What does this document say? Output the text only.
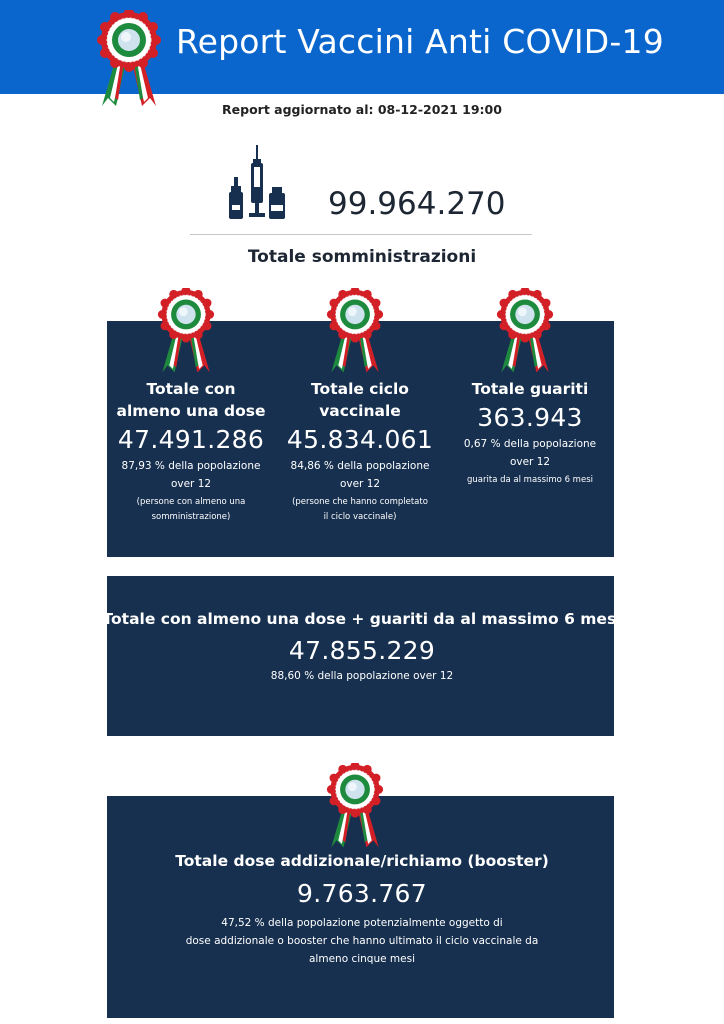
Report Vaccini Anti COVID-19
Report aggiornato al: 08-12-2021 19:00
99.964.270
Totale somministrazioni
Totale con
almeno una dose
47.491.286
87,93 % della popolazione
over 12
(persone con almeno una
somministrazione)
Totale ciclo
vaccinale
45.834.061
84,86 % della popolazione
over 12
(persone che hanno completato
il ciclo vaccinale)
Totale guariti
363.943
0,67 % della popolazione
over 12
guarita da al massimo 6 mesi
Totale con almeno una dose + guariti da al massimo 6 mesi
47.855.229
88,60 % della popolazione over 12
Totale dose addizionale/richiamo (booster)
9.763.767
47,52 % della popolazione potenzialmente oggetto di
dose addizionale o booster che hanno ultimato il ciclo vaccinale da
almeno cinque mesi
